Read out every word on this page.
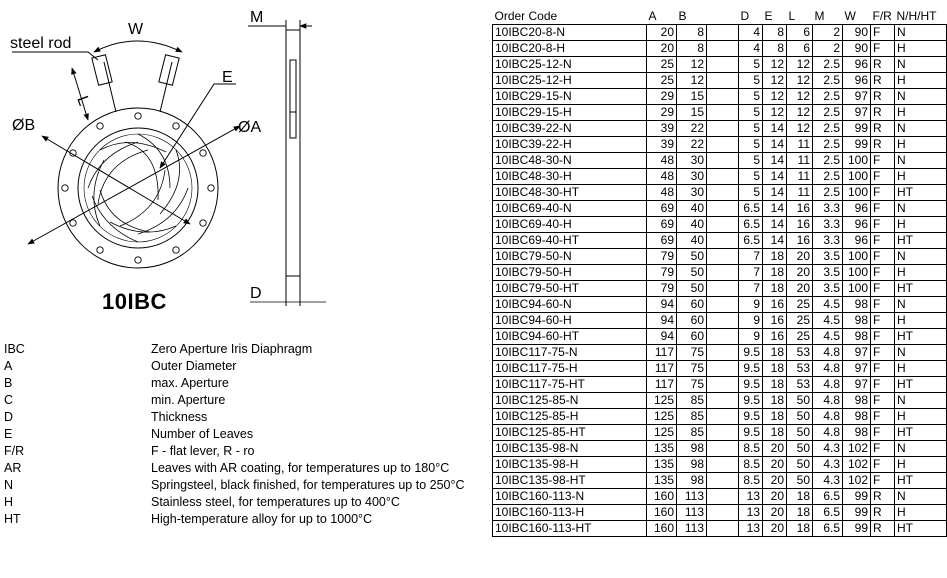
steel rod
W
L
E
ØB	ØA
M
D
10IBC
IBC	Zero Aperture Iris Diaphragm
A	Outer Diameter
B	max. Aperture
C	min. Aperture
D	Thickness
E	Number of Leaves
F/R	F - flat lever, R - ro
AR	Leaves with AR coating, for temperatures up to 180°C
N	Springsteel, black finished, for temperatures up to 250°C
H	Stainless steel, for temperatures up to 400°C
HT	High-temperature alloy for up to 1000°C
Order Code	A	B		D	E	L	M	W	F/R	N/H/HT
10IBC20-8-N	20	8		4	8	6	2	90	F	N
10IBC20-8-H	20	8		4	8	6	2	90	F	H
10IBC25-12-N	25	12		5	12	12	2.5	96	R	N
10IBC25-12-H	25	12		5	12	12	2.5	96	R	H
10IBC29-15-N	29	15		5	12	12	2.5	97	R	N
10IBC29-15-H	29	15		5	12	12	2.5	97	R	H
10IBC39-22-N	39	22		5	14	12	2.5	99	R	N
10IBC39-22-H	39	22		5	14	11	2.5	99	R	H
10IBC48-30-N	48	30		5	14	11	2.5	100	F	N
10IBC48-30-H	48	30		5	14	11	2.5	100	F	H
10IBC48-30-HT	48	30		5	14	11	2.5	100	F	HT
10IBC69-40-N	69	40		6.5	14	16	3.3	96	F	N
10IBC69-40-H	69	40		6.5	14	16	3.3	96	F	H
10IBC69-40-HT	69	40		6.5	14	16	3.3	96	F	HT
10IBC79-50-N	79	50		7	18	20	3.5	100	F	N
10IBC79-50-H	79	50		7	18	20	3.5	100	F	H
10IBC79-50-HT	79	50		7	18	20	3.5	100	F	HT
10IBC94-60-N	94	60		9	16	25	4.5	98	F	N
10IBC94-60-H	94	60		9	16	25	4.5	98	F	H
10IBC94-60-HT	94	60		9	16	25	4.5	98	F	HT
10IBC117-75-N	117	75		9.5	18	53	4.8	97	F	N
10IBC117-75-H	117	75		9.5	18	53	4.8	97	F	H
10IBC117-75-HT	117	75		9.5	18	53	4.8	97	F	HT
10IBC125-85-N	125	85		9.5	18	50	4.8	98	F	N
10IBC125-85-H	125	85		9.5	18	50	4.8	98	F	H
10IBC125-85-HT	125	85		9.5	18	50	4.8	98	F	HT
10IBC135-98-N	135	98		8.5	20	50	4.3	102	F	N
10IBC135-98-H	135	98		8.5	20	50	4.3	102	F	H
10IBC135-98-HT	135	98		8.5	20	50	4.3	102	F	HT
10IBC160-113-N	160	113		13	20	18	6.5	99	R	N
10IBC160-113-H	160	113		13	20	18	6.5	99	R	H
10IBC160-113-HT	160	113		13	20	18	6.5	99	R	HT
